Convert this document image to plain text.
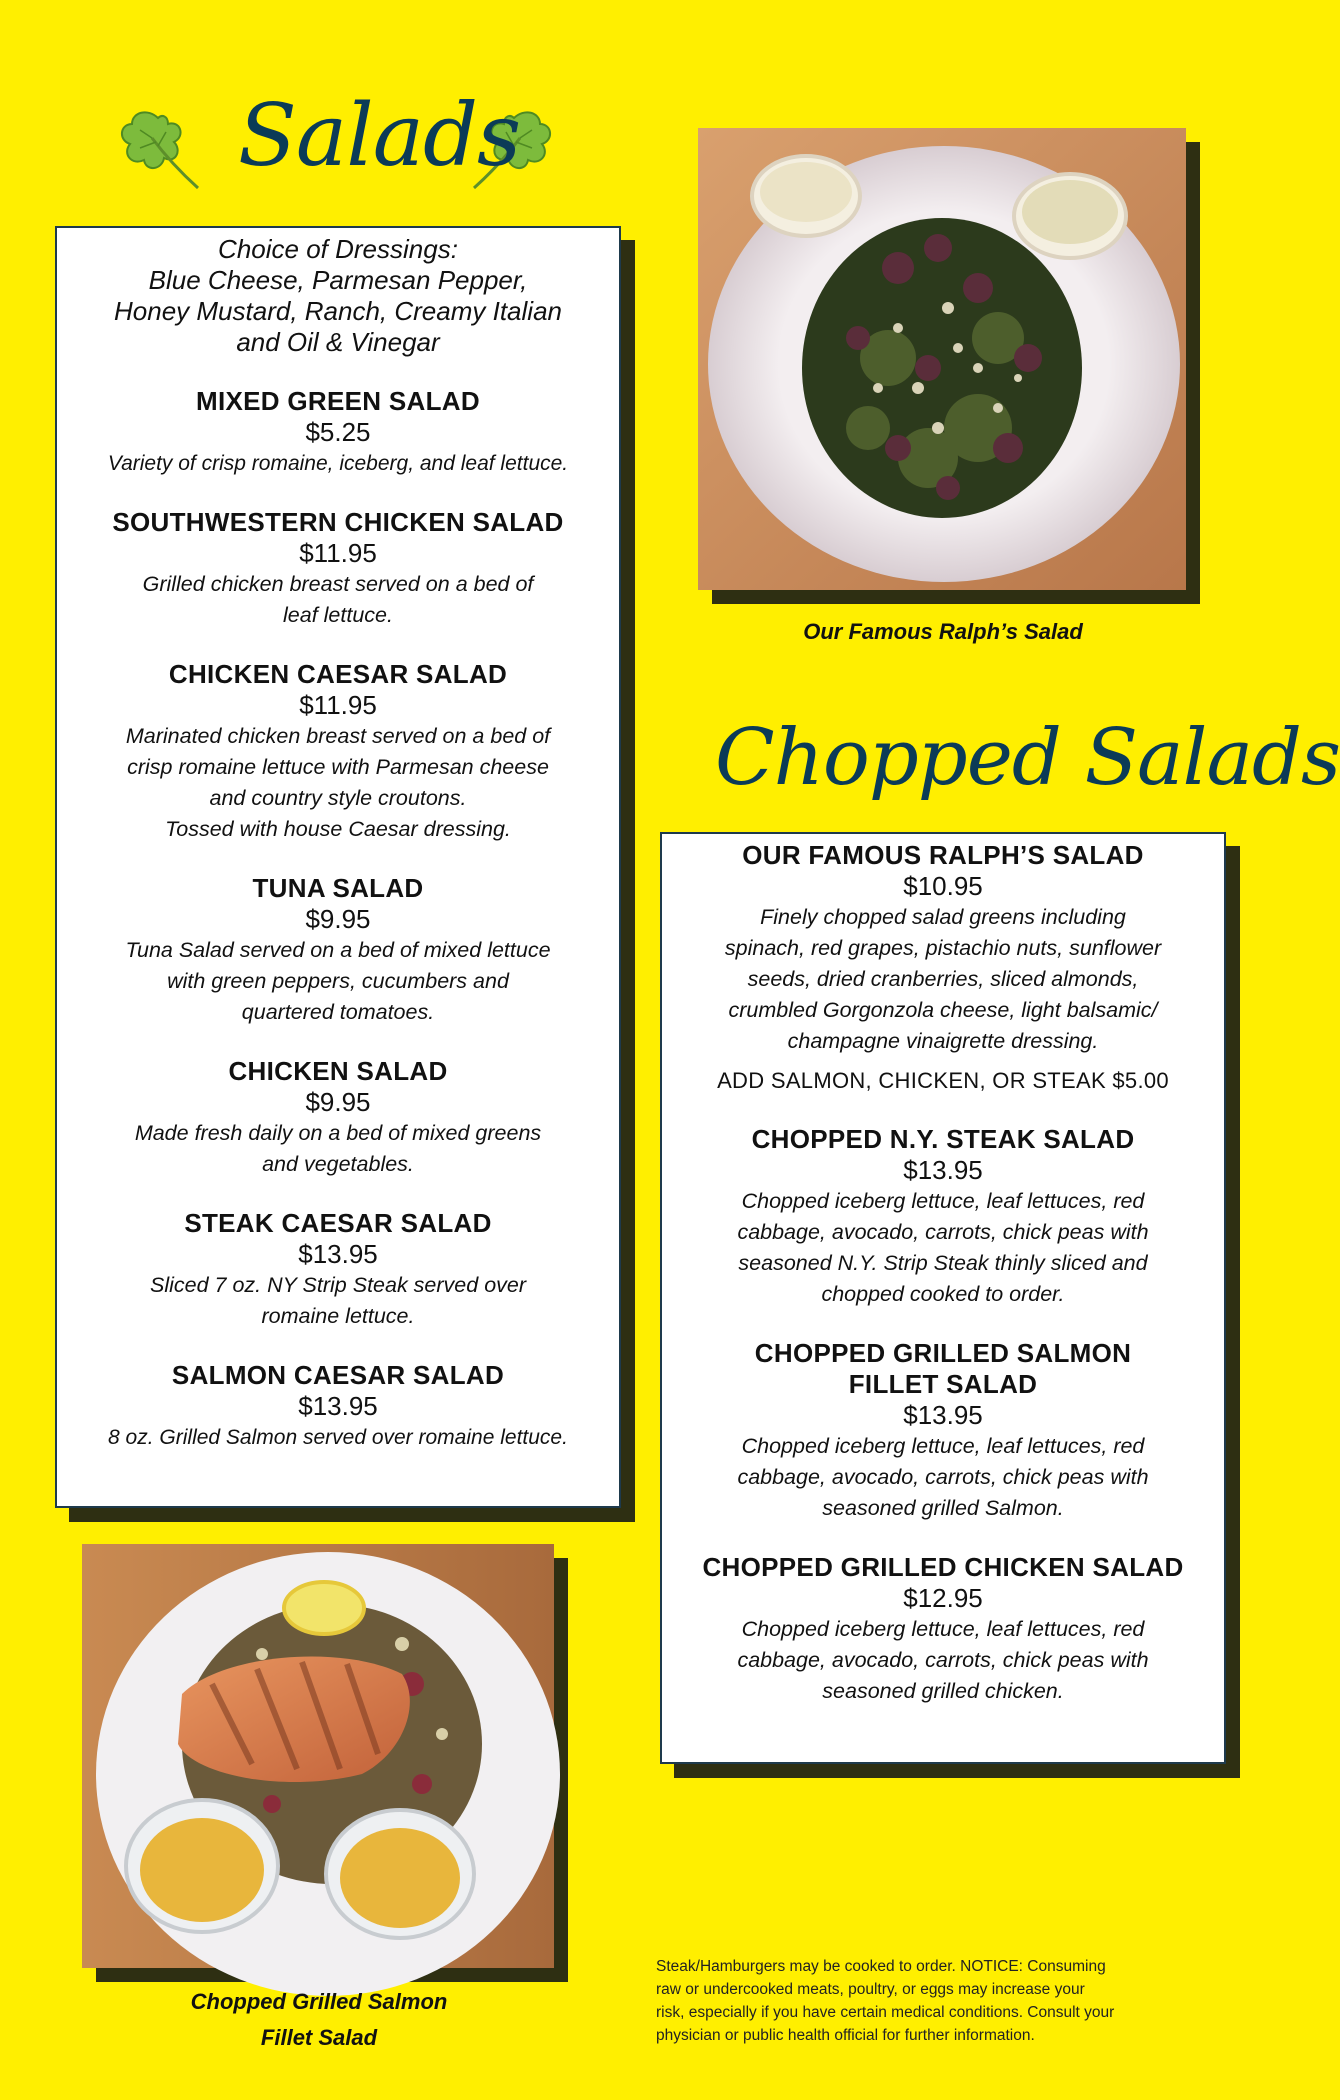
Salads
Choice of Dressings:
Blue Cheese, Parmesan Pepper,
Honey Mustard, Ranch, Creamy Italian
and Oil & Vinegar
MIXED GREEN SALAD
$5.25
Variety of crisp romaine, iceberg, and leaf lettuce.
SOUTHWESTERN CHICKEN SALAD
$11.95
Grilled chicken breast served on a bed of
leaf lettuce.
CHICKEN CAESAR SALAD
$11.95
Marinated chicken breast served on a bed of
crisp romaine lettuce with Parmesan cheese
and country style croutons.
Tossed with house Caesar dressing.
TUNA SALAD
$9.95
Tuna Salad served on a bed of mixed lettuce
with green peppers, cucumbers and
quartered tomatoes.
CHICKEN SALAD
$9.95
Made fresh daily on a bed of mixed greens
and vegetables.
STEAK CAESAR SALAD
$13.95
Sliced 7 oz. NY Strip Steak served over
romaine lettuce.
SALMON CAESAR SALAD
$13.95
8 oz. Grilled Salmon served over romaine lettuce.
Our Famous Ralph’s Salad
Chopped Salads
OUR FAMOUS RALPH’S SALAD
$10.95
Finely chopped salad greens including
spinach, red grapes, pistachio nuts, sunflower
seeds, dried cranberries, sliced almonds,
crumbled Gorgonzola cheese, light balsamic/
champagne vinaigrette dressing.
ADD SALMON, CHICKEN, OR STEAK $5.00
CHOPPED N.Y. STEAK SALAD
$13.95
Chopped iceberg lettuce, leaf lettuces, red
cabbage, avocado, carrots, chick peas with
seasoned N.Y. Strip Steak thinly sliced and
chopped cooked to order.
CHOPPED GRILLED SALMON
FILLET SALAD
$13.95
Chopped iceberg lettuce, leaf lettuces, red
cabbage, avocado, carrots, chick peas with
seasoned grilled Salmon.
CHOPPED GRILLED CHICKEN SALAD
$12.95
Chopped iceberg lettuce, leaf lettuces, red
cabbage, avocado, carrots, chick peas with
seasoned grilled chicken.
Chopped Grilled Salmon
Fillet Salad
Steak/Hamburgers may be cooked to order. NOTICE: Consuming
raw or undercooked meats, poultry, or eggs may increase your
risk, especially if you have certain medical conditions. Consult your
physician or public health official for further information.
